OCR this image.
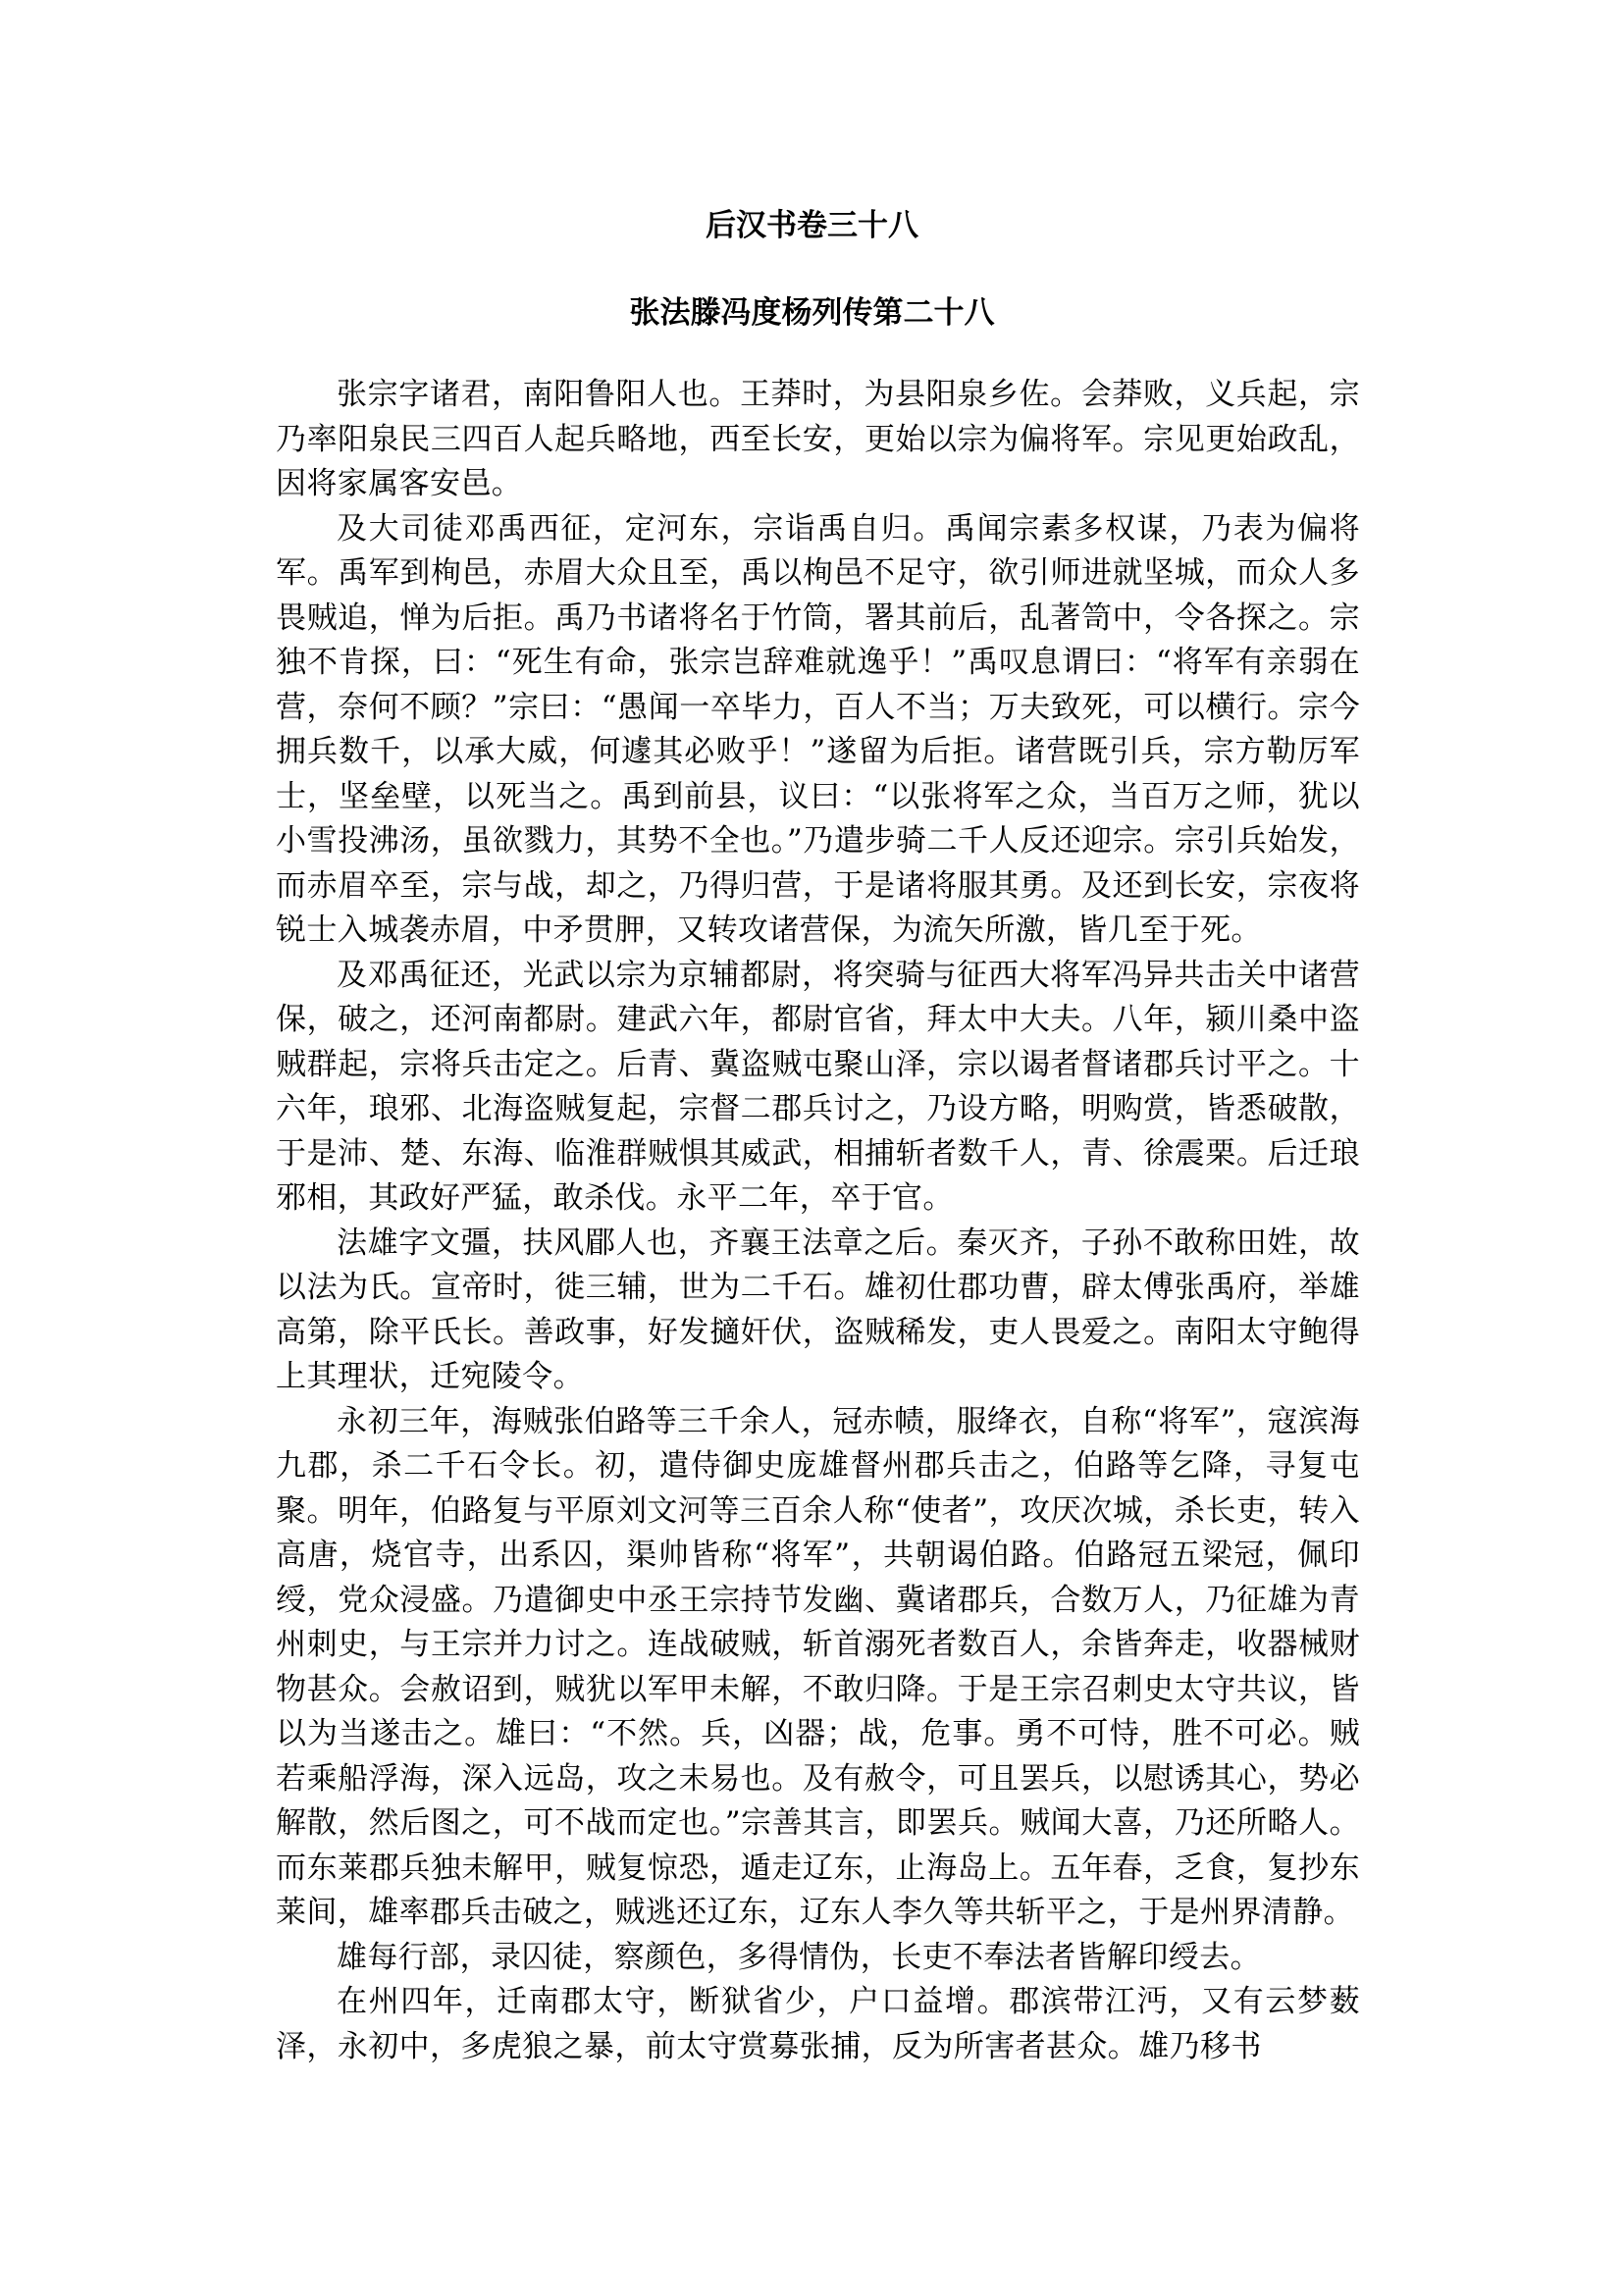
后汉书卷三十八
张法滕冯度杨列传第二十八

张宗字诸君，南阳鲁阳人也。王莽时，为县阳泉乡佐。会莽败，义兵起，宗乃率阳泉民三四百人起兵略地，西至长安，更始以宗为偏将军。宗见更始政乱，因将家属客安邑。

及大司徒邓禹西征，定河东，宗诣禹自归。禹闻宗素多权谋，乃表为偏将军。禹军到栒邑，赤眉大众且至，禹以栒邑不足守，欲引师进就坚城，而众人多畏贼追，惮为后拒。禹乃书诸将名于竹筒，署其前后，乱著笥中，令各探之。宗独不肯探，曰：“死生有命，张宗岂辞难就逸乎！”禹叹息谓曰：“将军有亲弱在营，奈何不顾？”宗曰：“愚闻一卒毕力，百人不当；万夫致死，可以横行。宗今拥兵数千，以承大威，何遽其必败乎！”遂留为后拒。诸营既引兵，宗方勒厉军士，坚垒壁，以死当之。禹到前县，议曰：“以张将军之众，当百万之师，犹以小雪投沸汤，虽欲戮力，其势不全也。”乃遣步骑二千人反还迎宗。宗引兵始发，而赤眉卒至，宗与战，却之，乃得归营，于是诸将服其勇。及还到长安，宗夜将锐士入城袭赤眉，中矛贯胛，又转攻诸营保，为流矢所激，皆几至于死。

及邓禹征还，光武以宗为京辅都尉，将突骑与征西大将军冯异共击关中诸营保，破之，还河南都尉。建武六年，都尉官省，拜太中大夫。八年，颍川桑中盗贼群起，宗将兵击定之。后青、冀盗贼屯聚山泽，宗以谒者督诸郡兵讨平之。十六年，琅邪、北海盗贼复起，宗督二郡兵讨之，乃设方略，明购赏，皆悉破散，于是沛、楚、东海、临淮群贼惧其威武，相捕斩者数千人，青、徐震栗。后迁琅邪相，其政好严猛，敢杀伐。永平二年，卒于官。

法雄字文彊，扶风郿人也，齐襄王法章之后。秦灭齐，子孙不敢称田姓，故以法为氏。宣帝时，徙三辅，世为二千石。雄初仕郡功曹，辟太傅张禹府，举雄高第，除平氏长。善政事，好发擿奸伏，盗贼稀发，吏人畏爱之。南阳太守鲍得上其理状，迁宛陵令。

永初三年，海贼张伯路等三千余人，冠赤帻，服绛衣，自称“将军”，寇滨海九郡，杀二千石令长。初，遣侍御史庞雄督州郡兵击之，伯路等乞降，寻复屯聚。明年，伯路复与平原刘文河等三百余人称“使者”，攻厌次城，杀长吏，转入高唐，烧官寺，出系囚，渠帅皆称“将军”，共朝谒伯路。伯路冠五梁冠，佩印绶，党众浸盛。乃遣御史中丞王宗持节发幽、冀诸郡兵，合数万人，乃征雄为青州刺史，与王宗并力讨之。连战破贼，斩首溺死者数百人，余皆奔走，收器械财物甚众。会赦诏到，贼犹以军甲未解，不敢归降。于是王宗召刺史太守共议，皆以为当遂击之。雄曰：“不然。兵，凶器；战，危事。勇不可恃，胜不可必。贼若乘船浮海，深入远岛，攻之未易也。及有赦令，可且罢兵，以慰诱其心，势必解散，然后图之，可不战而定也。”宗善其言，即罢兵。贼闻大喜，乃还所略人。而东莱郡兵独未解甲，贼复惊恐，遁走辽东，止海岛上。五年春，乏食，复抄东莱间，雄率郡兵击破之，贼逃还辽东，辽东人李久等共斩平之，于是州界清静。

雄每行部，录囚徒，察颜色，多得情伪，长吏不奉法者皆解印绶去。

在州四年，迁南郡太守，断狱省少，户口益增。郡滨带江沔，又有云梦薮泽，永初中，多虎狼之暴，前太守赏募张捕，反为所害者甚众。雄乃移书
